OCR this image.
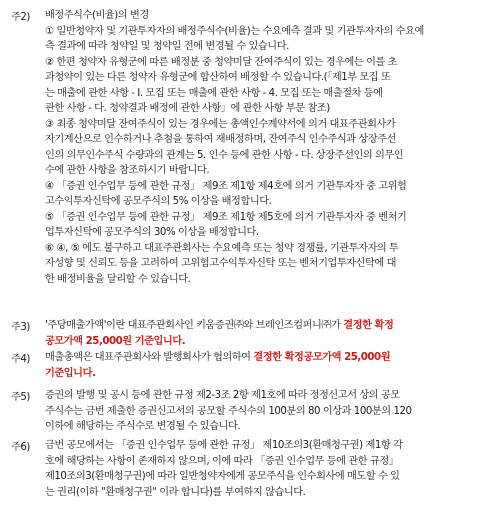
주2) 배정주식수(비율)의 변경
① 일반청약자 및 기관투자자의 배정주식수(비율)는 수요예측 결과 및 기관투자자의 수요예
측 결과에 따라 청약일 및 청약일 전에 변경될 수 있습니다.
② 한편 청약자 유형군에 따른 배정분 중 청약미달 잔여주식이 있는 경우에는 이를 초
과청약이 있는 다른 청약자 유형군에 합산하여 배정할 수 있습니다.(「제1부 모집 또
는 매출에 관한 사항 - I. 모집 또는 매출에 관한 사항 - 4. 모집 또는 매출절차 등에
관한 사항 - 다. 청약결과 배정에 관한 사항」에 관한 사항 부문 참조)
③ 최종 청약미달 잔여주식이 있는 경우에는 총액인수계약서에 의거 대표주관회사가
자기계산으로 인수하거나 추첨을 통하여 재배정하며, 잔여주식 인수주식과 상장주선
인의 의무인수주식 수량과의 관계는 5. 인수 등에 관한 사항 - 다. 상장주선인의 의무인
수에 관한 사항을 참조하시기 바랍니다.
④ 「증권 인수업무 등에 관한 규정」 제9조 제1항 제4호에 의거 기관투자자 중 고위험
고수익투자신탁에 공모주식의 5% 이상을 배정합니다.
⑤ 「증권 인수업무 등에 관한 규정」 제9조 제1항 제5호에 의거 기관투자자 중 벤처기
업투자신탁에 공모주식의 30% 이상을 배정합니다.
⑥ ④, ⑤ 에도 불구하고 대표주관회사는 수요예측 또는 청약 경쟁률, 기관투자자의 투
자성향 및 신뢰도 등을 고려하여 고위험고수익투자신탁 또는 벤처기업투자신탁에 대
한 배정비율을 달리할 수 있습니다.
주3) '주당매출가액'이란 대표주관회사인 키움증권㈜와 브레인즈컴퍼니㈜가 결정한 확정
공모가액 25,000원 기준입니다.
주4) 매출총액은 대표주관회사와 발행회사가 협의하여 결정한 확정공모가액 25,000원
기준입니다.
주5) 증권의 발행 및 공시 등에 관한 규정 제2-3조 2항 제1호에 따라 정정신고서 상의 공모
주식수는 금번 제출한 증권신고서의 공모할 주식수의 100분의 80 이상과 100분의 120
이하에 해당하는 주식수로 변경될 수 있습니다.
주6) 금번 공모에서는 「증권 인수업무 등에 관한 규정」 제10조의3(환매청구권) 제1항 각
호에 해당하는 사항이 존재하지 않으며, 이에 따라 「증권 인수업무 등에 관한 규정」
제10조의3(환매청구권)에 따라 일반청약자에게 공모주식을 인수회사에 매도할 수 있
는 권리(이하 "환매청구권" 이라 합니다)를 부여하지 않습니다.
